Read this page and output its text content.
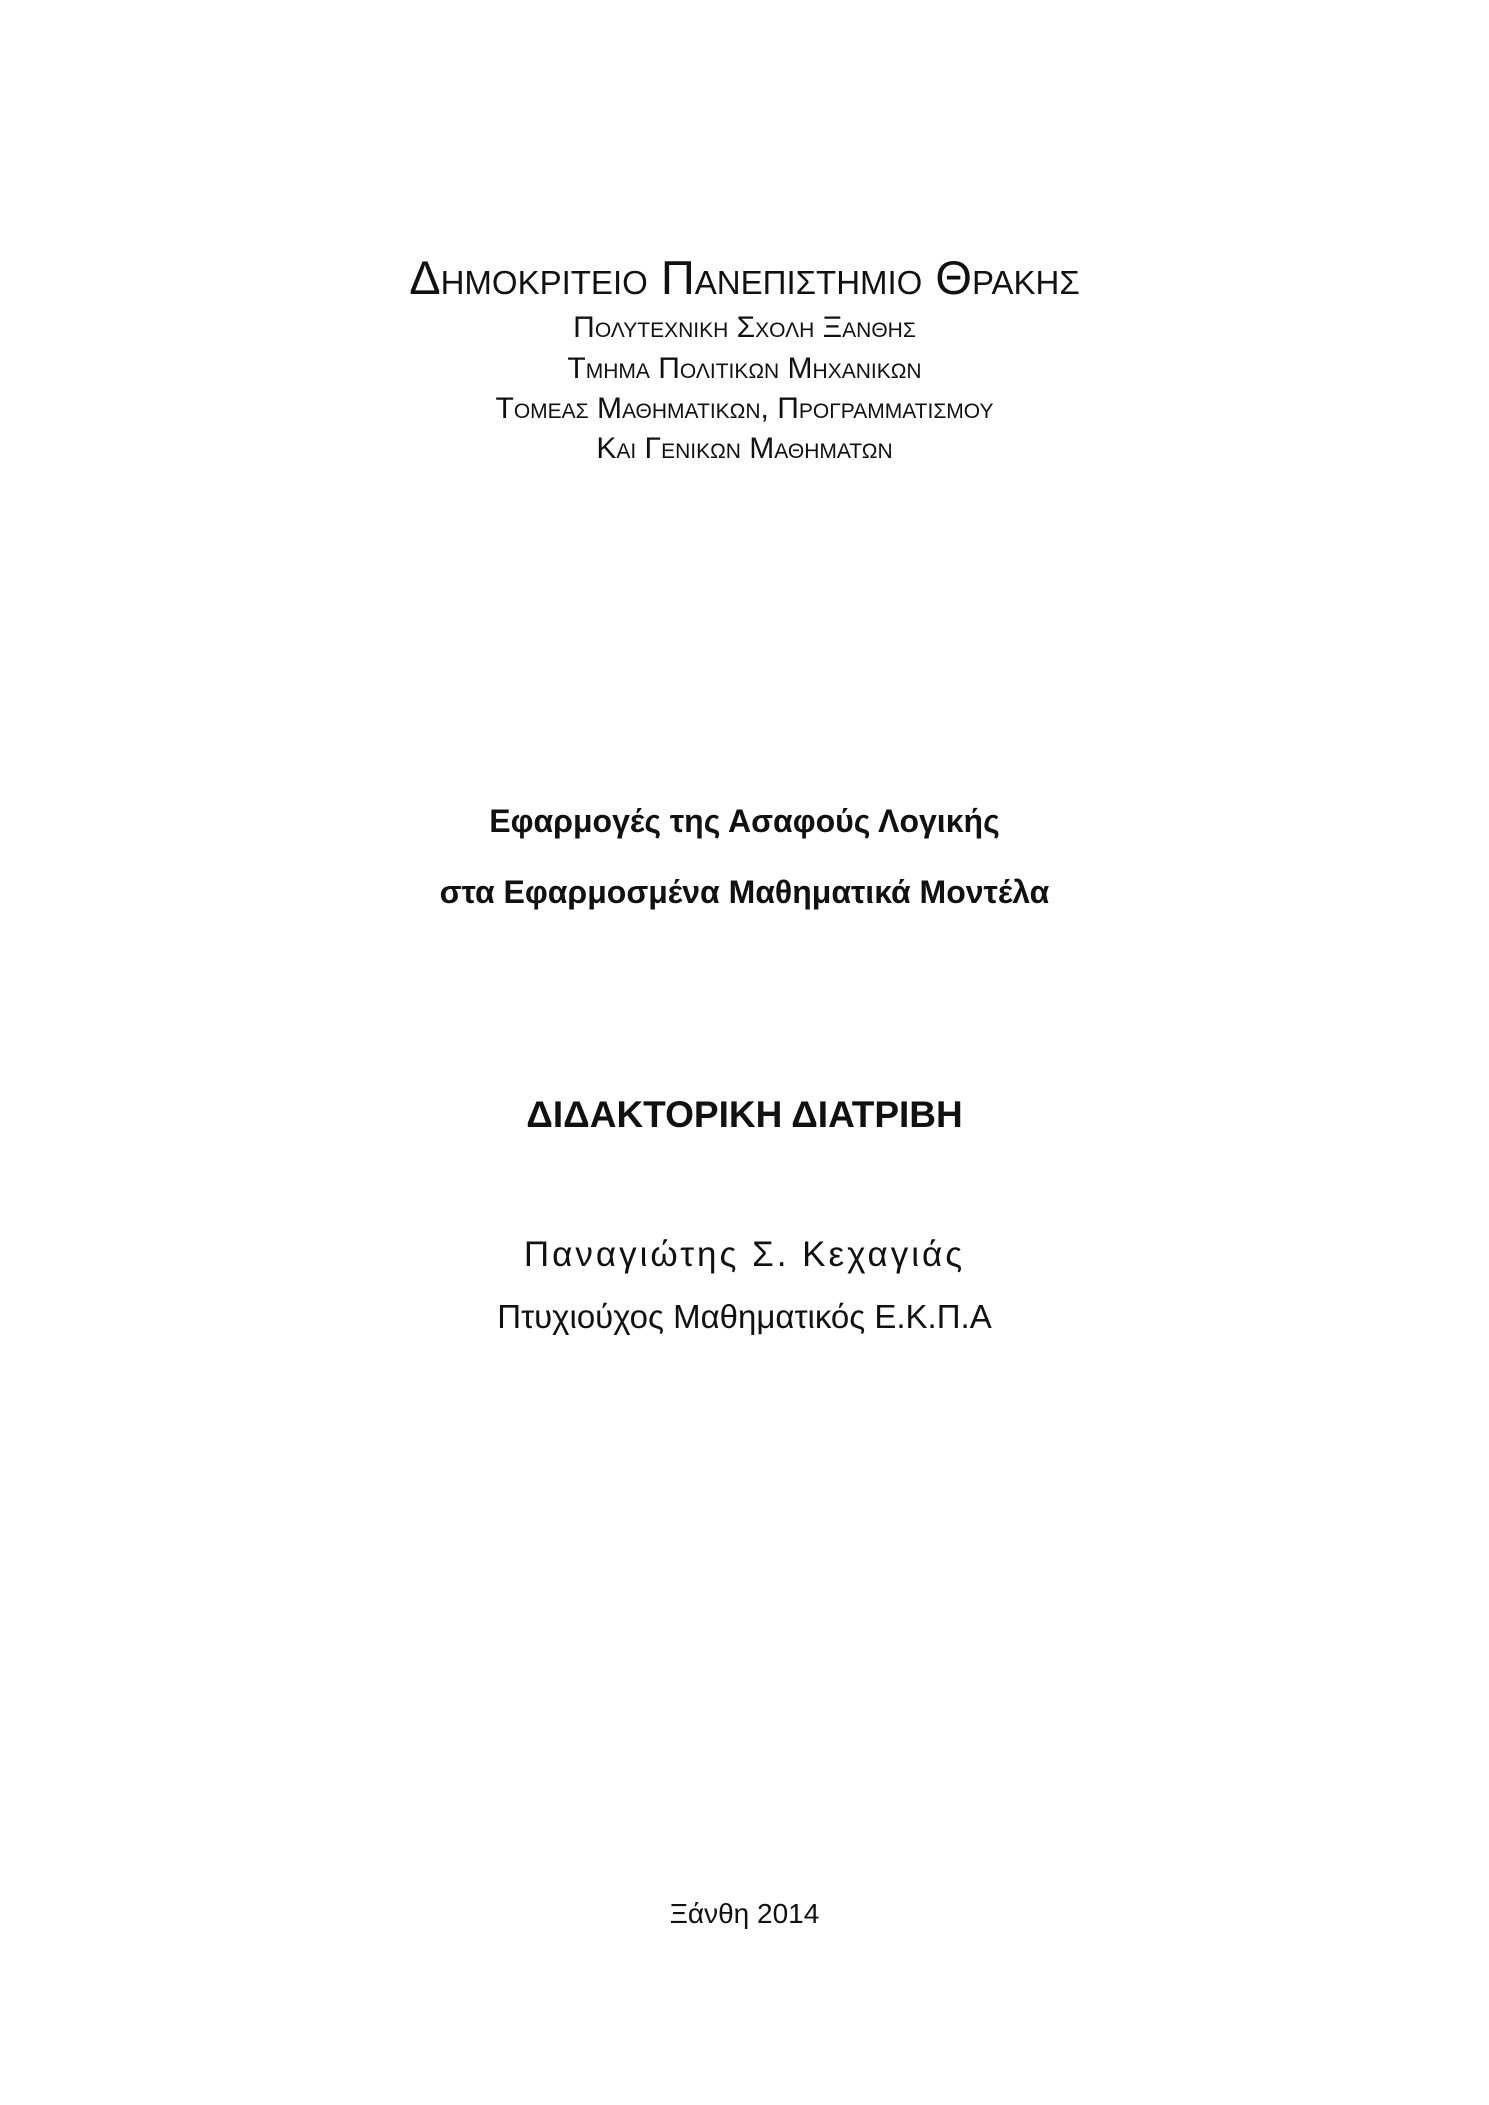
Δημοκριτειο Πανεπιστημιο Θρακης
Πολυτεχνικη Σχολη Ξανθης
Τμημα Πολιτικων Μηχανικων
Τομεας Μαθηματικων, Προγραμματισμου
Και Γενικων Μαθηματων
Εφαρμογές της Ασαφούς Λογικής
στα Εφαρμοσμένα Μαθηματικά Μοντέλα
ΔΙΔΑΚΤΟΡΙΚΗ ΔΙΑΤΡΙΒΗ
Παναγιώτης Σ. Κεχαγιάς
Πτυχιούχος Μαθηματικός Ε.Κ.Π.Α
Ξάνθη 2014
